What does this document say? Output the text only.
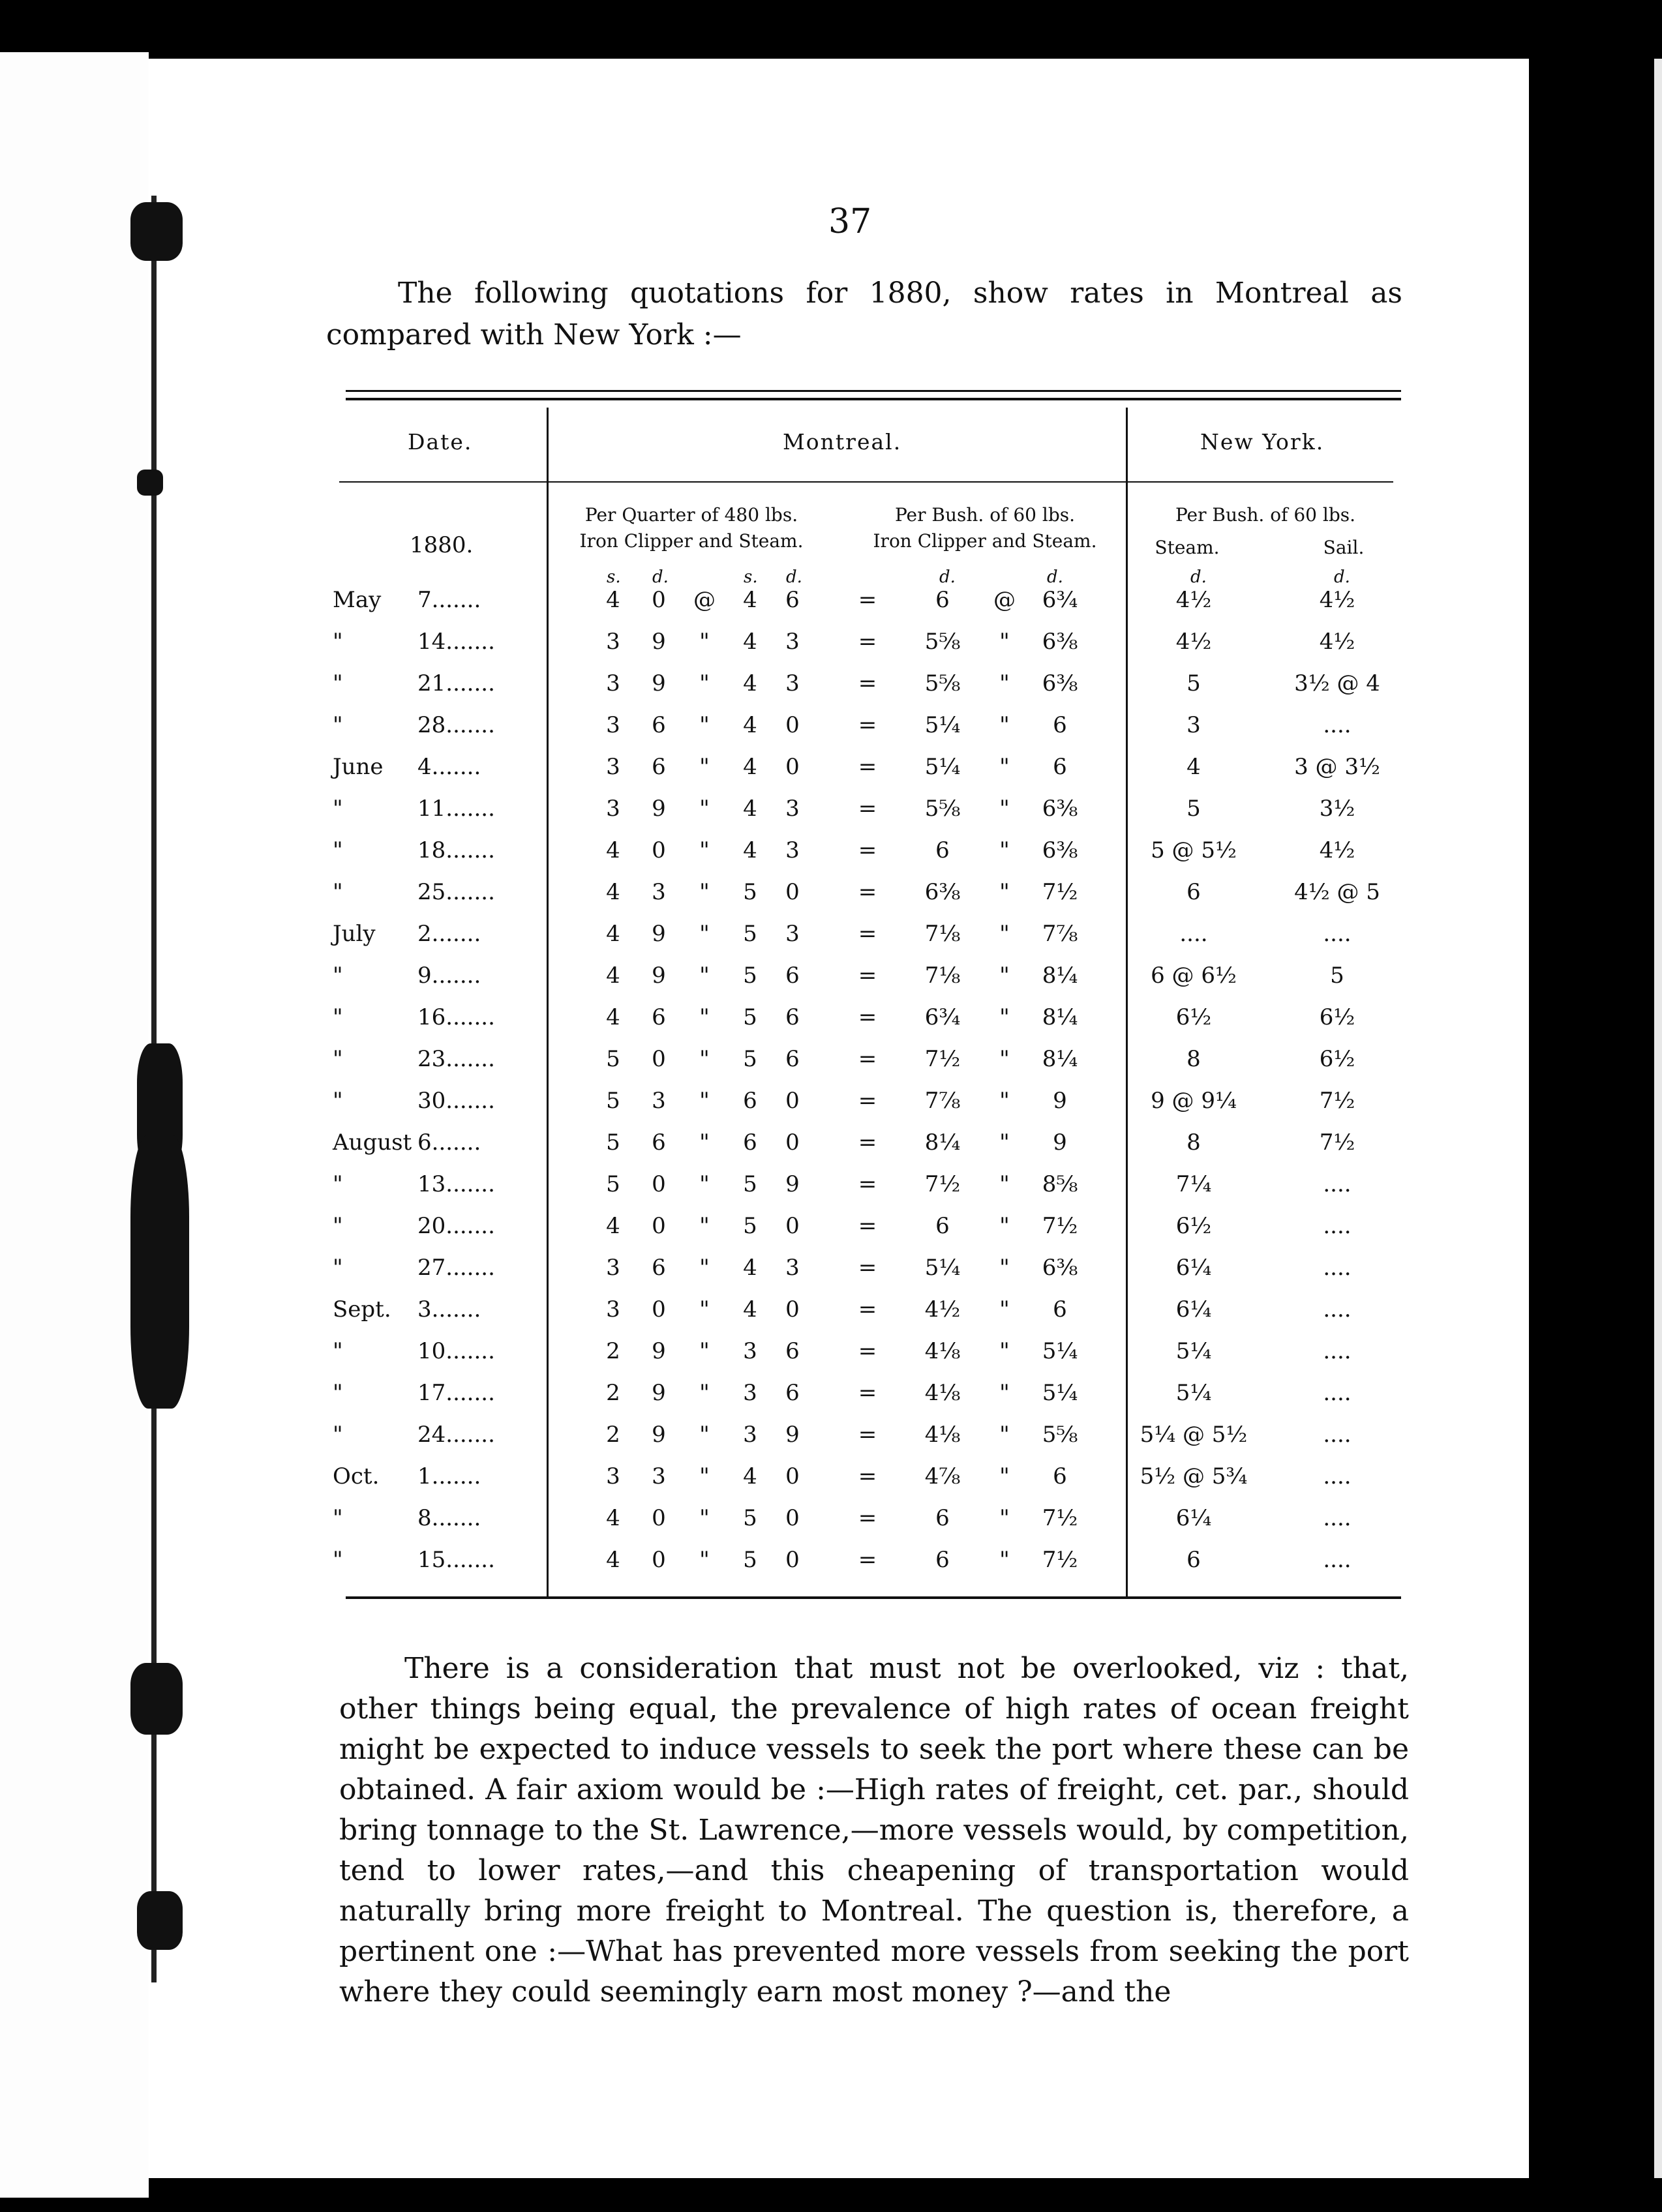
37
The following quotations for 1880, show rates in Montreal as compared with New York :—
Date.	Montreal.	New York.
1880.
Per Quarter of 480 lbs.
Iron Clipper and Steam.
Per Bush. of 60 lbs.
Iron Clipper and Steam.
Per Bush. of 60 lbs.
Steam.	Sail.
s. d.	s. d.	d.	d.	d.	d.
May	7.......	4 0	@	4 6	=	6	@	6¾	4½	4½
"	14.......	3 9	"	4 3	=	5⅝	"	6⅜	4½	4½
"	21.......	3 9	"	4 3	=	5⅝	"	6⅜	5	3½ @ 4
"	28.......	3 6	"	4 0	=	5¼	"	6	3	....
June	4.......	3 6	"	4 0	=	5¼	"	6	4	3 @ 3½
"	11.......	3 9	"	4 3	=	5⅝	"	6⅜	5	3½
"	18.......	4 0	"	4 3	=	6	"	6⅜	5 @ 5½	4½
"	25.......	4 3	"	5 0	=	6⅜	"	7½	6	4½ @ 5
July	2.......	4 9	"	5 3	=	7⅛	"	7⅞	....	....
"	9.......	4 9	"	5 6	=	7⅛	"	8¼	6 @ 6½	5
"	16.......	4 6	"	5 6	=	6¾	"	8¼	6½	6½
"	23.......	5 0	"	5 6	=	7½	"	8¼	8	6½
"	30.......	5 3	"	6 0	=	7⅞	"	9	9 @ 9¼	7½
August 6.......	5 6	"	6 0	=	8¼	"	9	8	7½
"	13.......	5 0	"	5 9	=	7½	"	8⅝	7¼	....
"	20.......	4 0	"	5 0	=	6	"	7½	6½	....
"	27.......	3 6	"	4 3	=	5¼	"	6⅜	6¼	....
Sept.	3.......	3 0	"	4 0	=	4½	"	6	6¼	....
"	10.......	2 9	"	3 6	=	4⅛	"	5¼	5¼	....
"	17.......	2 9	"	3 6	=	4⅛	"	5¼	5¼	....
"	24.......	2 9	"	3 9	=	4⅛	"	5⅝	5¼ @ 5½	....
Oct.	1.......	3 3	"	4 0	=	4⅞	"	6	5½ @ 5¾	....
"	8.......	4 0	"	5 0	=	6	"	7½	6¼	....
"	15.......	4 0	"	5 0	=	6	"	7½	6	....

There is a consideration that must not be overlooked, viz : that, other things being equal, the prevalence of high rates of ocean freight might be expected to induce vessels to seek the port where these can be obtained. A fair axiom would be :—High rates of freight, cet. par., should bring tonnage to the St. Lawrence,—more vessels would, by competition, tend to lower rates,—and this cheapening of transportation would naturally bring more freight to Montreal. The question is, therefore, a pertinent one :—What has prevented more vessels from seeking the port where they could seemingly earn most money ?—and the
